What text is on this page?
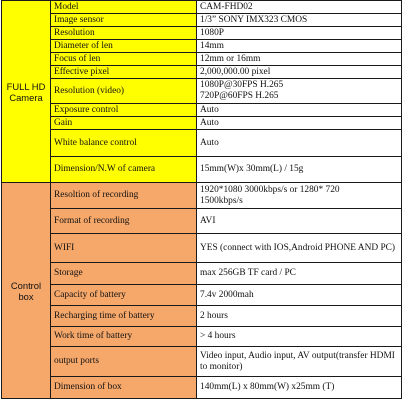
FULL HD
Camera	Model	CAM-FHD02
	Image sensor	1/3” SONY IMX323 CMOS
	Resolution	1080P
	Diameter of len	14mm
	Focus of len	12mm or 16mm
	Effective pixel	2,000,000.00 pixel
	Resolution (video)	1080P@30FPS H.265
720P@60FPS H.265

	Exposure control	Auto
	Gain	Auto
	White balance control	Auto
	Dimension/N.W of camera	15mm(W)x 30mm(L) / 15g

Control
box	Resoltion of recording	1920*1080 3000kbps/s or 1280* 720
1500kbps/s

	Format of recording	AVI
	WIFI	YES (connect with IOS,Android PHONE AND PC)
	Storage	max 256GB TF card / PC
	Capacity of battery	7.4v 2000mah
	Recharging time of battery	2 hours
	Work time of battery	> 4 hours
	output ports	Video input, Audio input, AV output(transfer HDMI to monitor)
	Dimension of box	140mm(L) x 80mm(W) x25mm (T)
